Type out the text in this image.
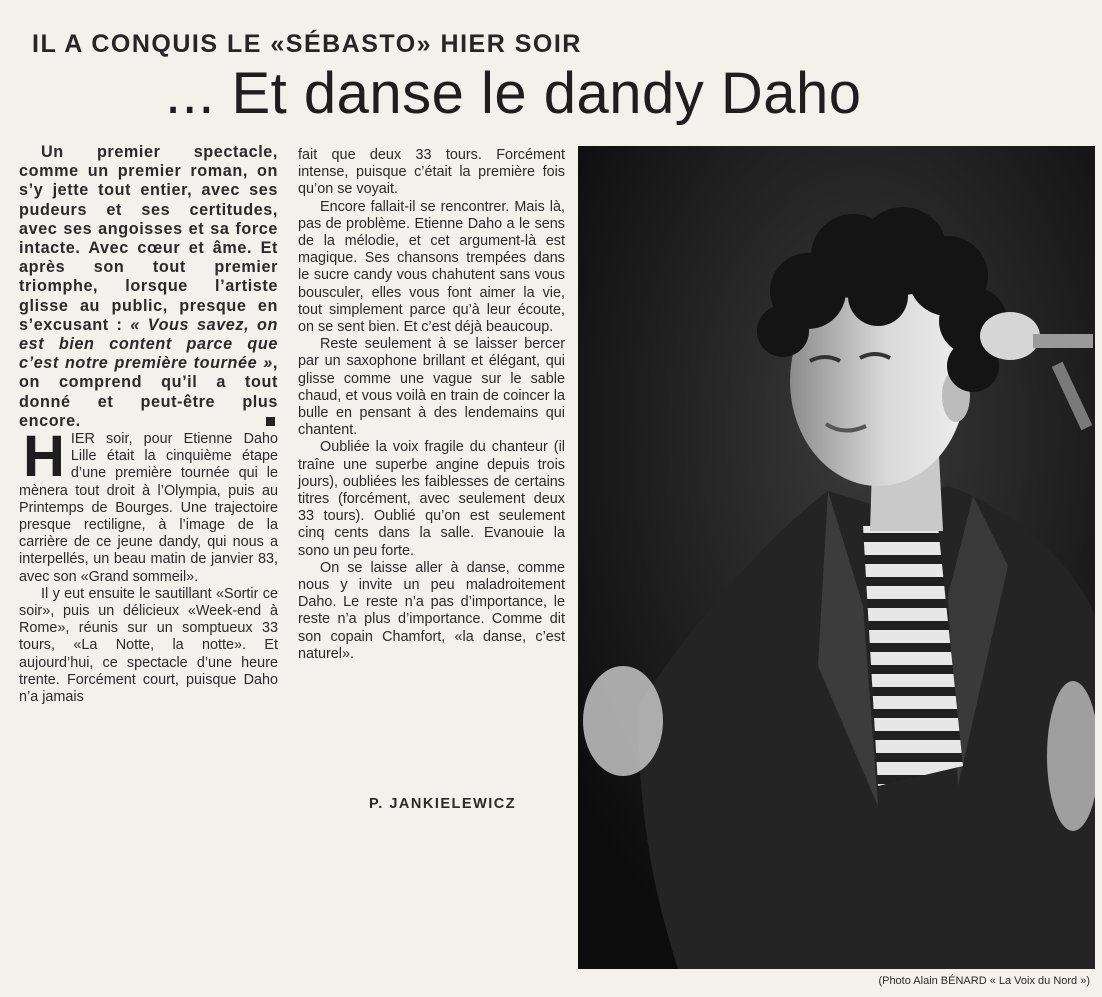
IL A CONQUIS LE «SÉBASTO» HIER SOIR
... Et danse le dandy Daho

Un premier spectacle, comme un premier roman, on s’y jette tout entier, avec ses pudeurs et ses certitudes, avec ses angoisses et sa force intacte. Avec cœur et âme. Et après son tout premier triomphe, lorsque l’artiste glisse au public, presque en s’excusant : « Vous savez, on est bien content parce que c’est notre première tournée », on comprend qu’il a tout donné et peut-être plus encore.

HIER soir, pour Etienne Daho Lille était la cinquième étape d’une première tournée qui le mènera tout droit à l’Olympia, puis au Printemps de Bourges. Une trajectoire presque rectiligne, à l’image de la carrière de ce jeune dandy, qui nous a interpellés, un beau matin de janvier 83, avec son «Grand sommeil».

Il y eut ensuite le sautillant «Sortir ce soir», puis un délicieux «Week-end à Rome», réunis sur un somptueux 33 tours, «La Notte, la notte». Et aujourd’hui, ce spectacle d’une heure trente. Forcément court, puisque Daho n’a jamais

fait que deux 33 tours. Forcément intense, puisque c’était la première fois qu’on se voyait.

Encore fallait-il se rencontrer. Mais là, pas de problème. Etienne Daho a le sens de la mélodie, et cet argument-là est magique. Ses chansons trempées dans le sucre candy vous chahutent sans vous bousculer, elles vous font aimer la vie, tout simplement parce qu’à leur écoute, on se sent bien. Et c’est déjà beaucoup.

Reste seulement à se laisser bercer par un saxophone brillant et élégant, qui glisse comme une vague sur le sable chaud, et vous voilà en train de coincer la bulle en pensant à des lendemains qui chantent.

Oubliée la voix fragile du chanteur (il traîne une superbe angine depuis trois jours), oubliées les faiblesses de certains titres (forcément, avec seulement deux 33 tours). Oublié qu’on est seulement cinq cents dans la salle. Evanouie la sono un peu forte.

On se laisse aller à danse, comme nous y invite un peu maladroitement Daho. Le reste n’a pas d’importance, le reste n’a plus d’importance. Comme dit son copain Chamfort, «la danse, c’est naturel».

P. JANKIELEWICZ
(Photo Alain BÉNARD « La Voix du Nord »)
